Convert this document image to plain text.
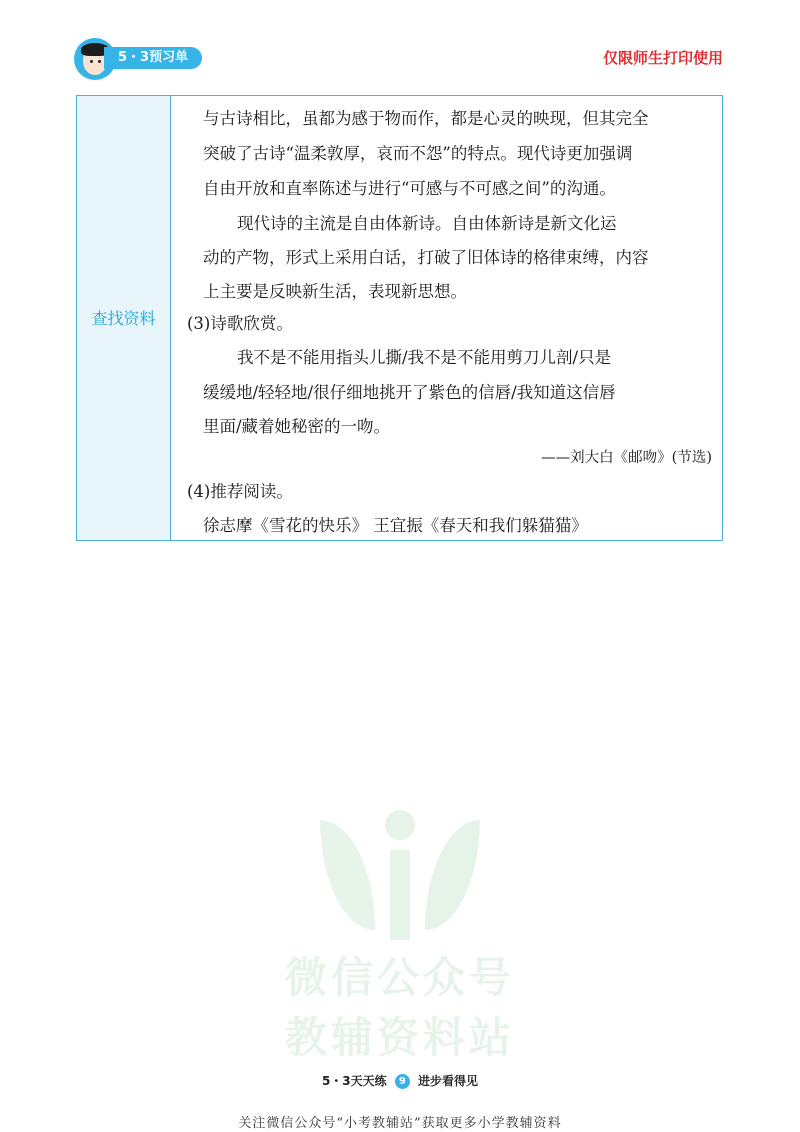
5・3预习单	仅限师生打印使用
微信公众号
教辅资料站
查找资料
与古诗相比，虽都为感于物而作，都是心灵的映现，但其完全
突破了古诗“温柔敦厚，哀而不怨”的特点。现代诗更加强调
自由开放和直率陈述与进行“可感与不可感之间”的沟通。
现代诗的主流是自由体新诗。自由体新诗是新文化运
动的产物，形式上采用白话，打破了旧体诗的格律束缚，内容
上主要是反映新生活，表现新思想。
(3)诗歌欣赏。
我不是不能用指头儿撕/我不是不能用剪刀儿剖/只是
缓缓地/轻轻地/很仔细地挑开了紫色的信唇/我知道这信唇
里面/藏着她秘密的一吻。
——刘大白《邮吻》(节选)
(4)推荐阅读。
徐志摩《雪花的快乐》 王宜振《春天和我们躲猫猫》
5・3天天练 9 进步看得见
关注微信公众号“小考教辅站”获取更多小学教辅资料
